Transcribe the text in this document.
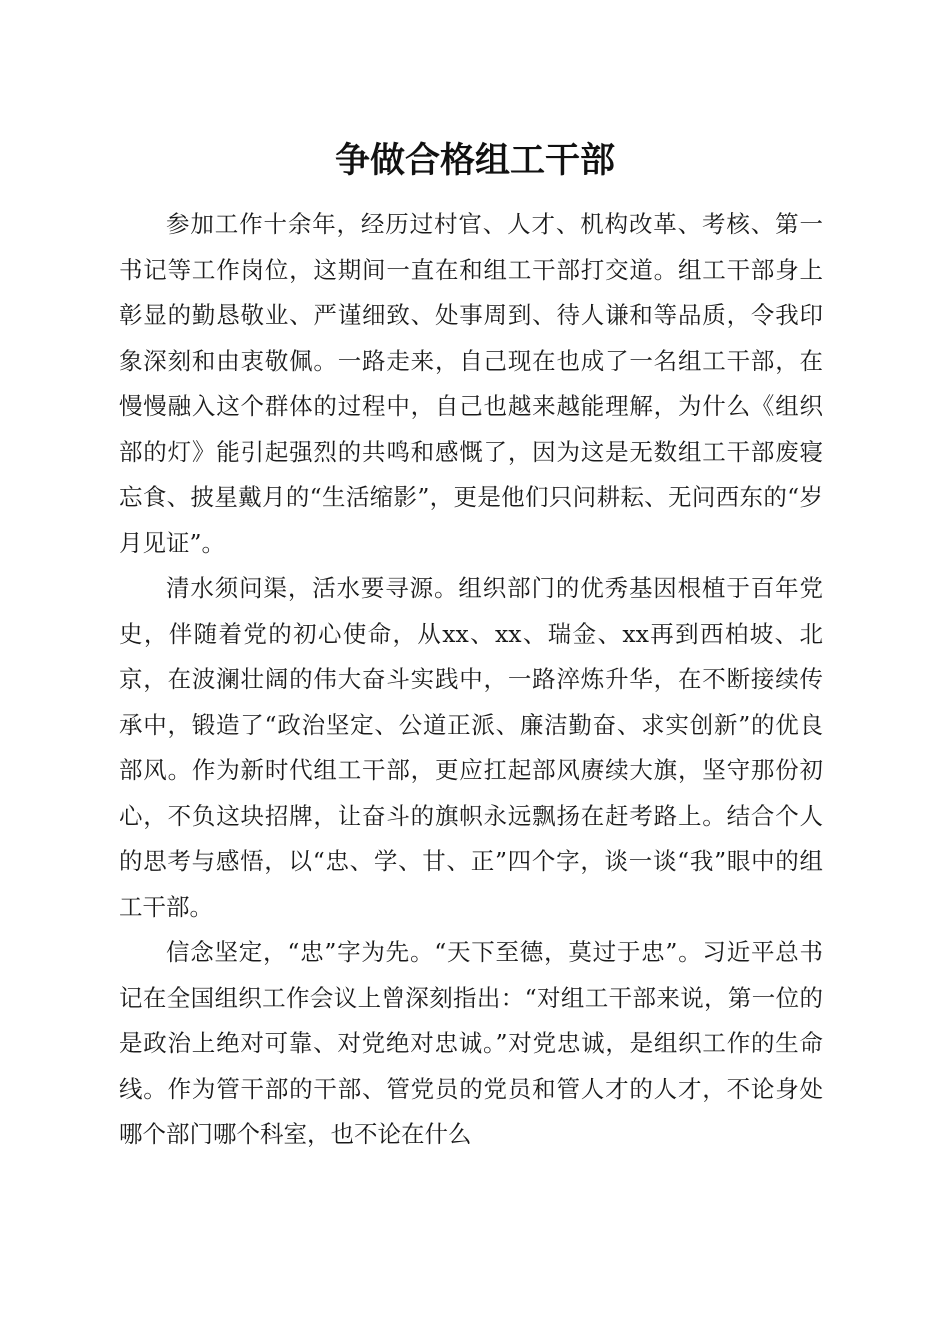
争做合格组工干部

参加工作十余年，经历过村官、人才、机构改革、考核、第一书记等工作岗位，这期间一直在和组工干部打交道。组工干部身上彰显的勤恳敬业、严谨细致、处事周到、待人谦和等品质，令我印象深刻和由衷敬佩。一路走来，自己现在也成了一名组工干部，在慢慢融入这个群体的过程中，自己也越来越能理解，为什么《组织部的灯》能引起强烈的共鸣和感慨了，因为这是无数组工干部废寝忘食、披星戴月的“生活缩影”，更是他们只问耕耘、无问西东的“岁月见证”。

清水须问渠，活水要寻源。组织部门的优秀基因根植于百年党史，伴随着党的初心使命，从xx、xx、瑞金、xx再到西柏坡、北京，在波澜壮阔的伟大奋斗实践中，一路淬炼升华，在不断接续传承中，锻造了“政治坚定、公道正派、廉洁勤奋、求实创新”的优良部风。作为新时代组工干部，更应扛起部风赓续大旗，坚守那份初心，不负这块招牌，让奋斗的旗帜永远飘扬在赶考路上。结合个人的思考与感悟，以“忠、学、甘、正”四个字，谈一谈“我”眼中的组工干部。

信念坚定，“忠”字为先。“天下至德，莫过于忠”。习近平总书记在全国组织工作会议上曾深刻指出：“对组工干部来说，第一位的是政治上绝对可靠、对党绝对忠诚。”对党忠诚，是组织工作的生命线。作为管干部的干部、管党员的党员和管人才的人才，不论身处哪个部门哪个科室，也不论在什么
